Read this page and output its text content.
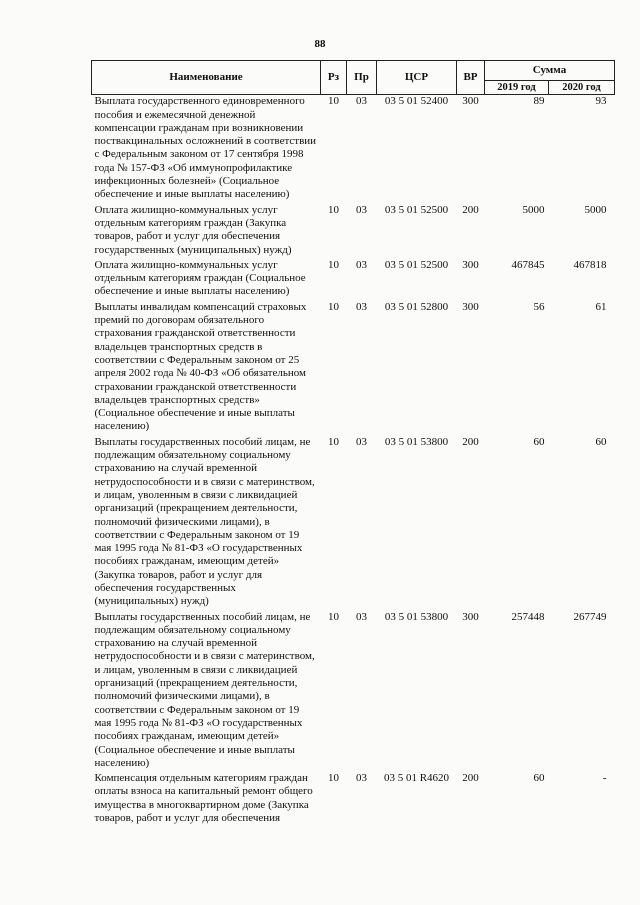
88
Наименование	Рз	Пр	ЦСР	ВР	Сумма	
					2019 год	2020 год
Выплата государственного единовременного пособия и ежемесячной денежной компенсации гражданам при возникновении поствакцинальных осложнений в соответствии с Федеральным законом от 17 сентября 1998 года № 157-ФЗ «Об иммунопрофилактике инфекционных болезней» (Социальное обеспечение и иные выплаты населению)	10	03	03 5 01 52400	300	89	93
Оплата жилищно-коммунальных услуг отдельным категориям граждан (Закупка товаров, работ и услуг для обеспечения государственных (муниципальных) нужд)	10	03	03 5 01 52500	200	5000	5000
Оплата жилищно-коммунальных услуг отдельным категориям граждан (Социальное обеспечение и иные выплаты населению)	10	03	03 5 01 52500	300	467845	467818
Выплаты инвалидам компенсаций страховых премий по договорам обязательного страхования гражданской ответственности владельцев транспортных средств в соответствии с Федеральным законом от 25 апреля 2002 года № 40-ФЗ «Об обязательном страховании гражданской ответственности владельцев транспортных средств» (Социальное обеспечение и иные выплаты населению)	10	03	03 5 01 52800	300	56	61
Выплаты государственных пособий лицам, не подлежащим обязательному социальному страхованию на случай временной нетрудоспособности и в связи с материнством, и лицам, уволенным в связи с ликвидацией организаций (прекращением деятельности, полномочий физическими лицами), в соответствии с Федеральным законом от 19 мая 1995 года № 81-ФЗ «О государственных пособиях гражданам, имеющим детей» (Закупка товаров, работ и услуг для обеспечения государственных (муниципальных) нужд)	10	03	03 5 01 53800	200	60	60
Выплаты государственных пособий лицам, не подлежащим обязательному социальному страхованию на случай временной нетрудоспособности и в связи с материнством, и лицам, уволенным в связи с ликвидацией организаций (прекращением деятельности, полномочий физическими лицами), в соответствии с Федеральным законом от 19 мая 1995 года № 81-ФЗ «О государственных пособиях гражданам, имеющим детей» (Социальное обеспечение и иные выплаты населению)	10	03	03 5 01 53800	300	257448	267749
Компенсация отдельным категориям граждан оплаты взноса на капитальный ремонт общего имущества в многоквартирном доме (Закупка товаров, работ и услуг для обеспечения	10	03	03 5 01 R4620	200	60	-
